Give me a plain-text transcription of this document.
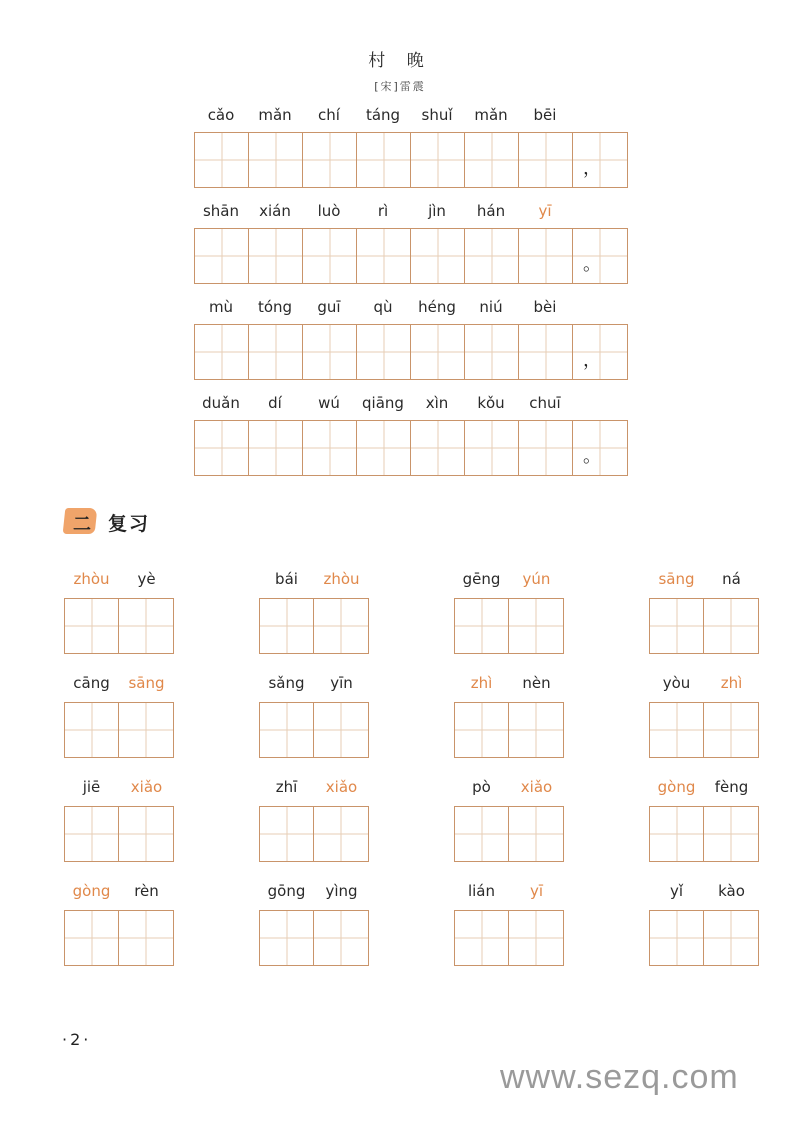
村 晚
[宋]雷震
cǎo	mǎn	chí	táng	shuǐ	mǎn	bēi
，
shān	xián	luò	rì	jìn	hán	yī
。
mù	tóng	guī	qù	héng	niú	bèi
，
duǎn	dí	wú	qiāng	xìn	kǒu	chuī
。
二 复习
zhòu	yè	bái	zhòu	gēng	yún	sāng	ná
cāng	sāng	sǎng	yīn	zhì	nèn	yòu	zhì
jiē	xiǎo	zhī	xiǎo	pò	xiǎo	gòng	fèng
gòng	rèn	gōng	yìng	lián	yī	yǐ	kào
·2·
www.sezq.com
